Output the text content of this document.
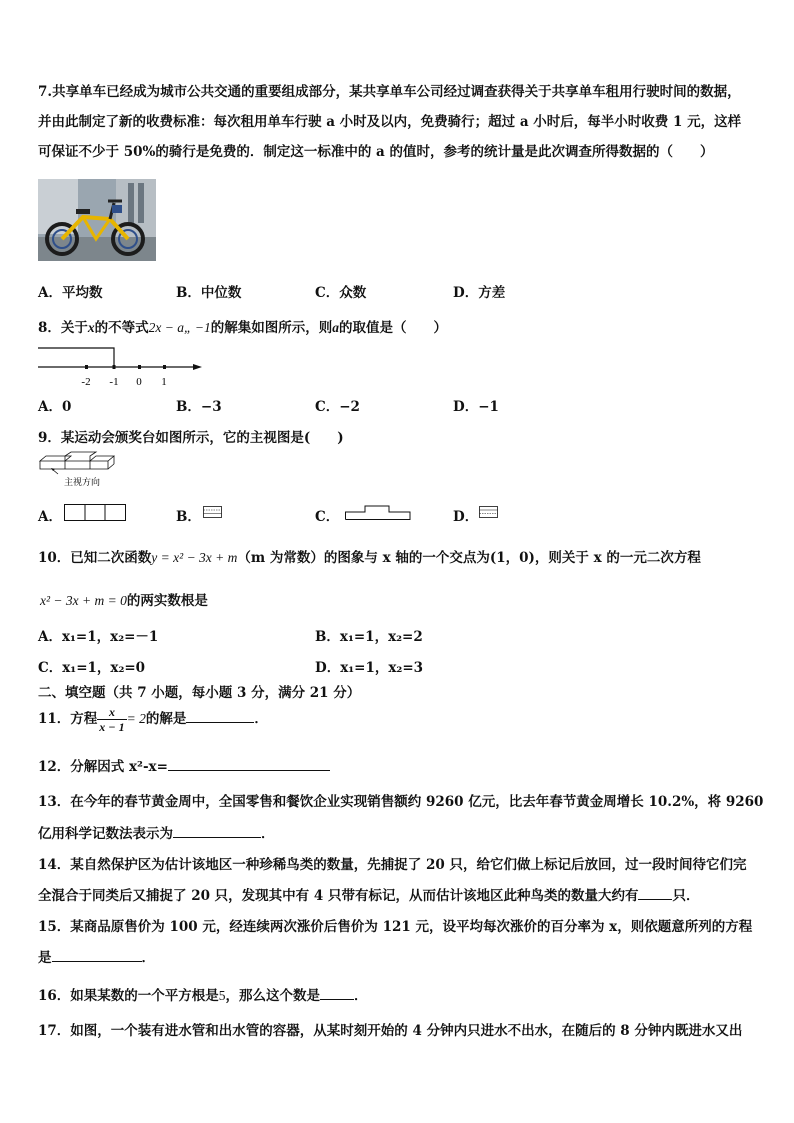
7.共享单车已经成为城市公共交通的重要组成部分，某共享单车公司经过调查获得关于共享单车租用行驶时间的数据，
并由此制定了新的收费标准：每次租用单车行驶 a 小时及以内，免费骑行；超过 a 小时后，每半小时收费 1 元，这样
可保证不少于 50%的骑行是免费的．制定这一标准中的 a 的值时，参考的统计量是此次调查所得数据的（　　）
A．平均数	B．中位数	C．众数	D．方差
8．关于x的不等式2x − a„ −1的解集如图所示，则a的取值是（　　）
-2 -1 0 1
A．0	B．−3	C．−2	D．−1
9．某运动会颁奖台如图所示，它的主视图是(　　)
主视方向
A．	B．	C．	D．
10．已知二次函数y = x² − 3x + m（m 为常数）的图象与 x 轴的一个交点为(1，0)，则关于 x 的一元二次方程
x² − 3x + m = 0的两实数根是
A．x₁=1，x₂=－1	B．x₁=1，x₂=2
C．x₁=1，x₂=0	D．x₁=1，x₂=3
二、填空题（共 7 小题，每小题 3 分，满分 21 分）
11．方程 $\frac{x}{x - 1} = 2$的解是	．
12．分解因式 x²-x=
13．在今年的春节黄金周中，全国零售和餐饮企业实现销售额约 9260 亿元，比去年春节黄金周增长 10.2%，将 9260
亿用科学记数法表示为	．
14．某自然保护区为估计该地区一种珍稀鸟类的数量，先捕捉了 20 只，给它们做上标记后放回，过一段时间待它们完
全混合于同类后又捕捉了 20 只，发现其中有 4 只带有标记，从而估计该地区此种鸟类的数量大约有	只．
15．某商品原售价为 100 元，经连续两次涨价后售价为 121 元，设平均每次涨价的百分率为 x，则依题意所列的方程
是	．
16．如果某数的一个平方根是5，那么这个数是	．
17．如图，一个装有进水管和出水管的容器，从某时刻开始的 4 分钟内只进水不出水，在随后的 8 分钟内既进水又出
